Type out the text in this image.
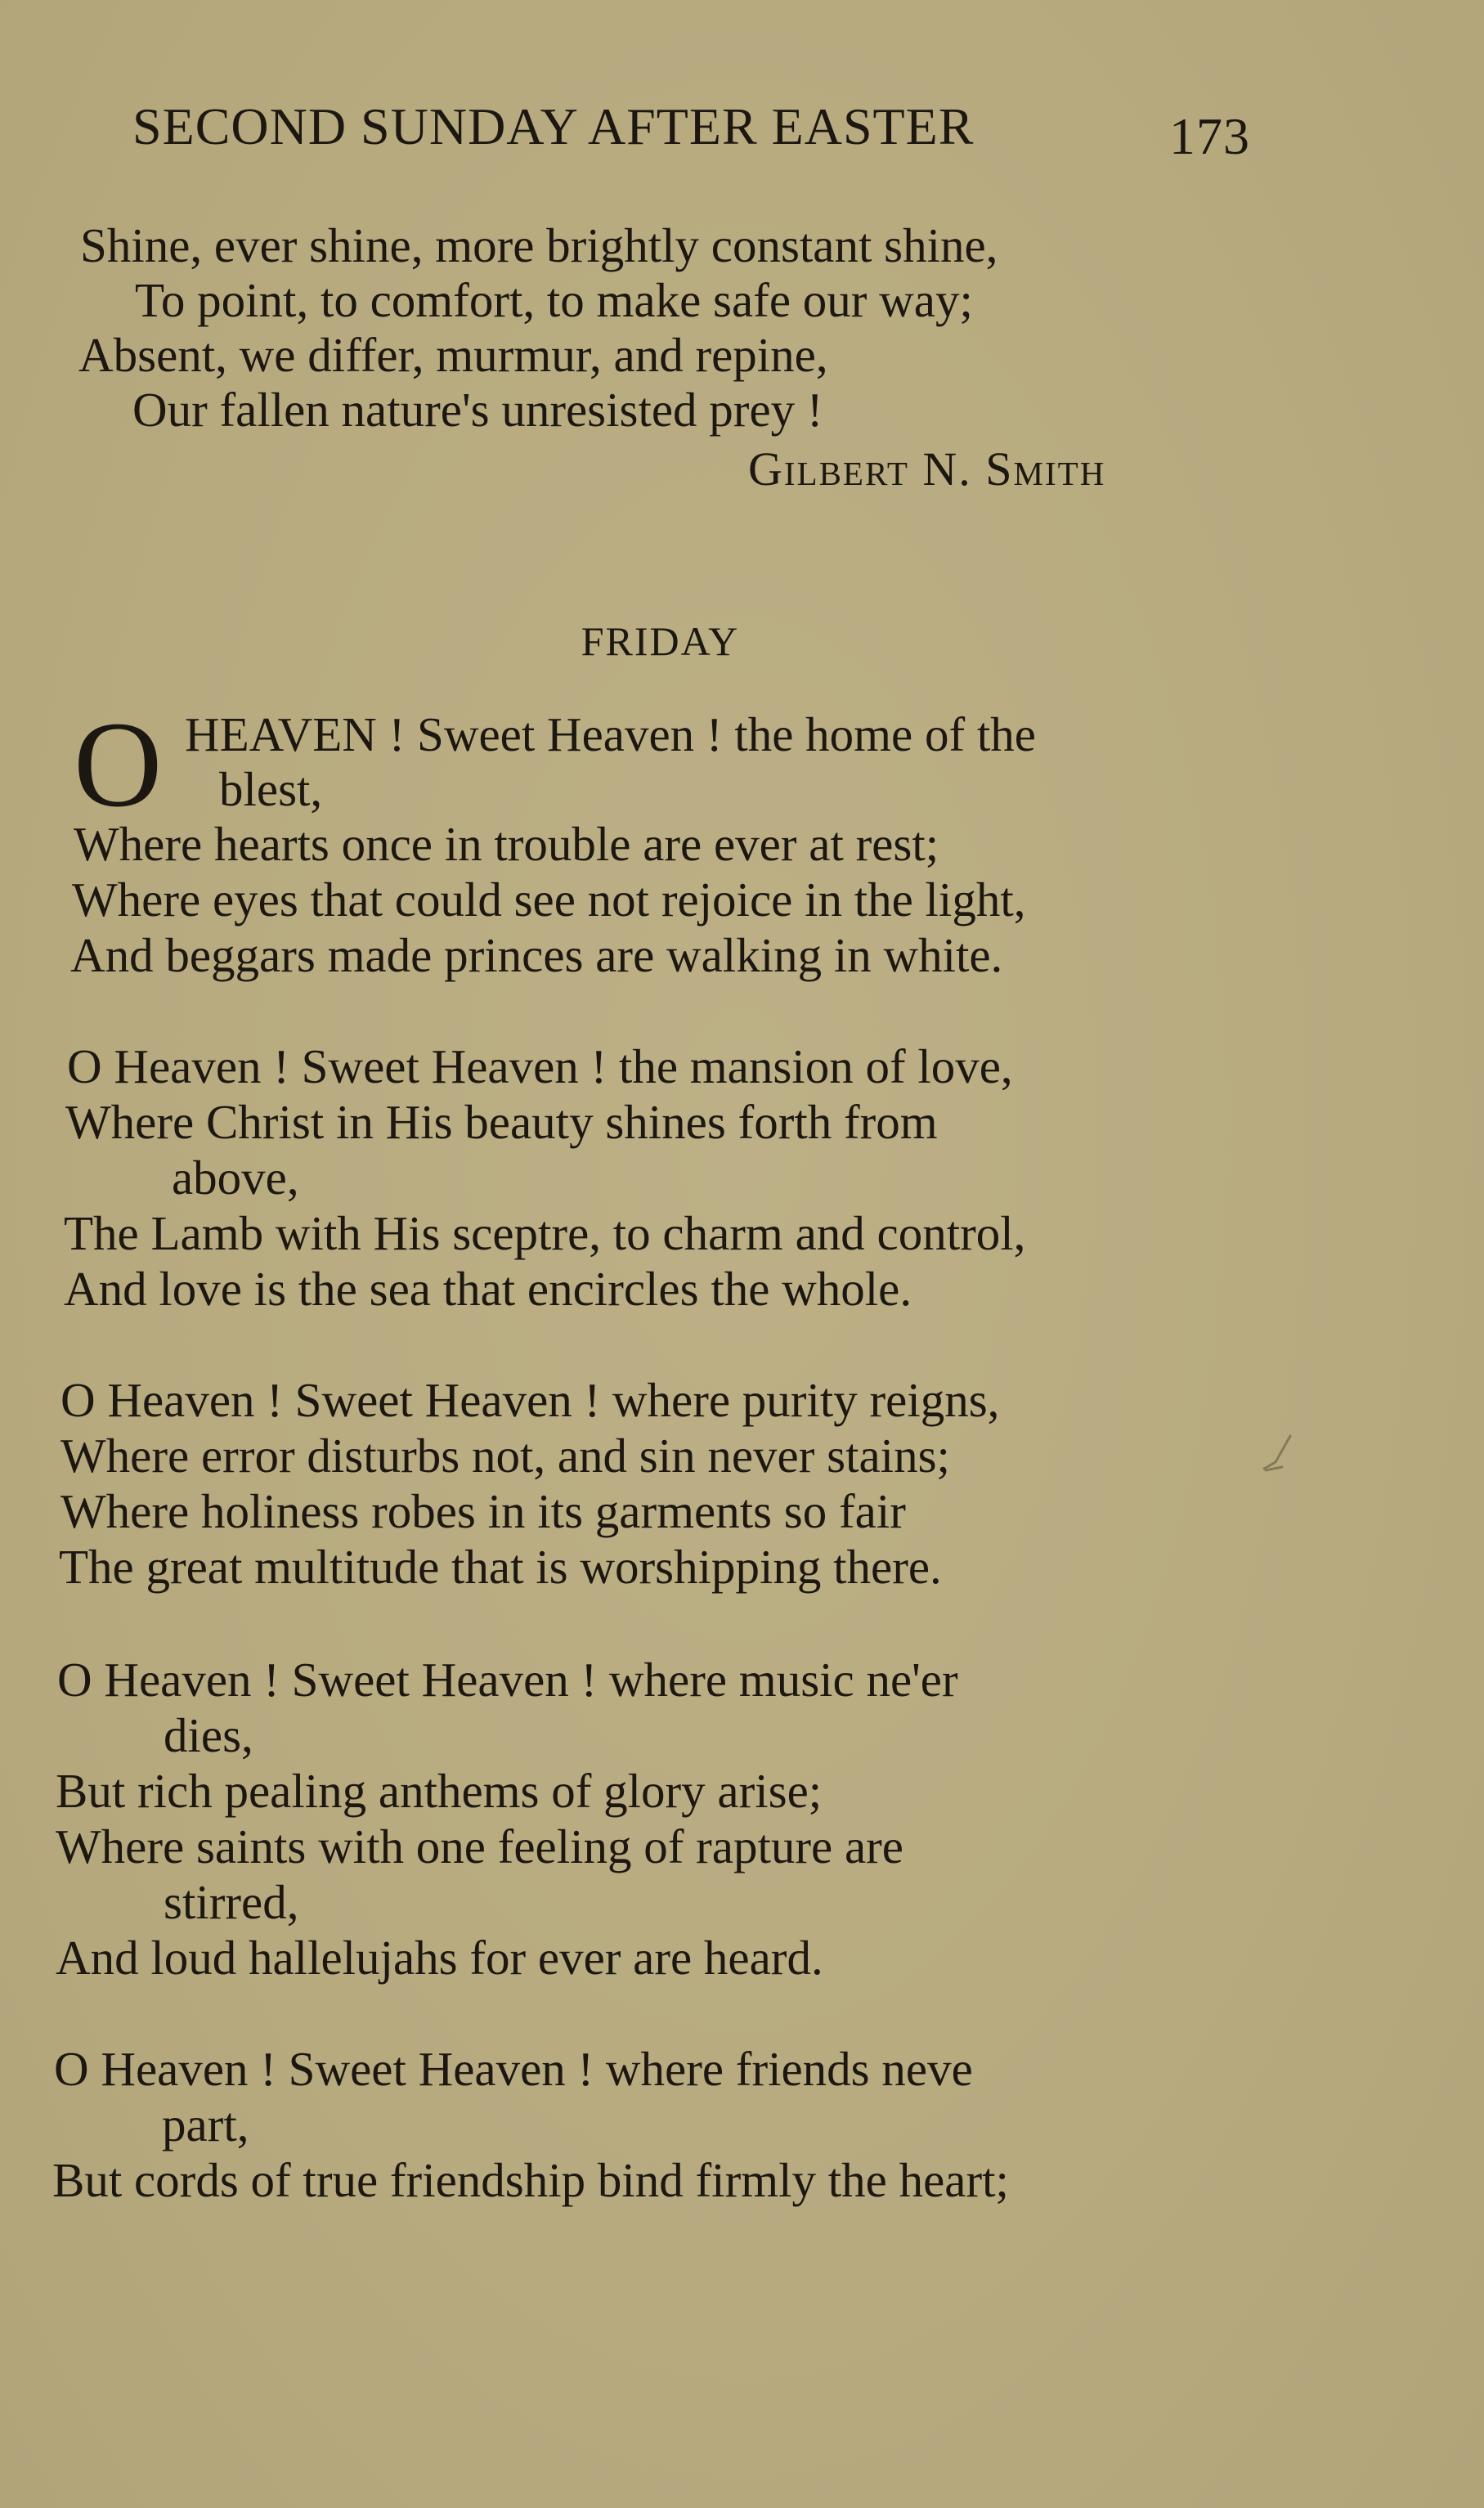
SECOND SUNDAY AFTER EASTER	173
Shine, ever shine, more brightly constant shine,
To point, to comfort, to make safe our way;
Absent, we differ, murmur, and repine,
Our fallen nature's unresisted prey !
Gilbert N. Smith
FRIDAY
O HEAVEN ! Sweet Heaven ! the home of the
blest,
Where hearts once in trouble are ever at rest;
Where eyes that could see not rejoice in the light,
And beggars made princes are walking in white.
O Heaven ! Sweet Heaven ! the mansion of love,
Where Christ in His beauty shines forth from
above,
The Lamb with His sceptre, to charm and control,
And love is the sea that encircles the whole.
O Heaven ! Sweet Heaven ! where purity reigns,
Where error disturbs not, and sin never stains;
Where holiness robes in its garments so fair
The great multitude that is worshipping there.
O Heaven ! Sweet Heaven ! where music ne'er
dies,
But rich pealing anthems of glory arise;
Where saints with one feeling of rapture are
stirred,
And loud hallelujahs for ever are heard.
O Heaven ! Sweet Heaven ! where friends neve
part,
But cords of true friendship bind firmly the heart;
